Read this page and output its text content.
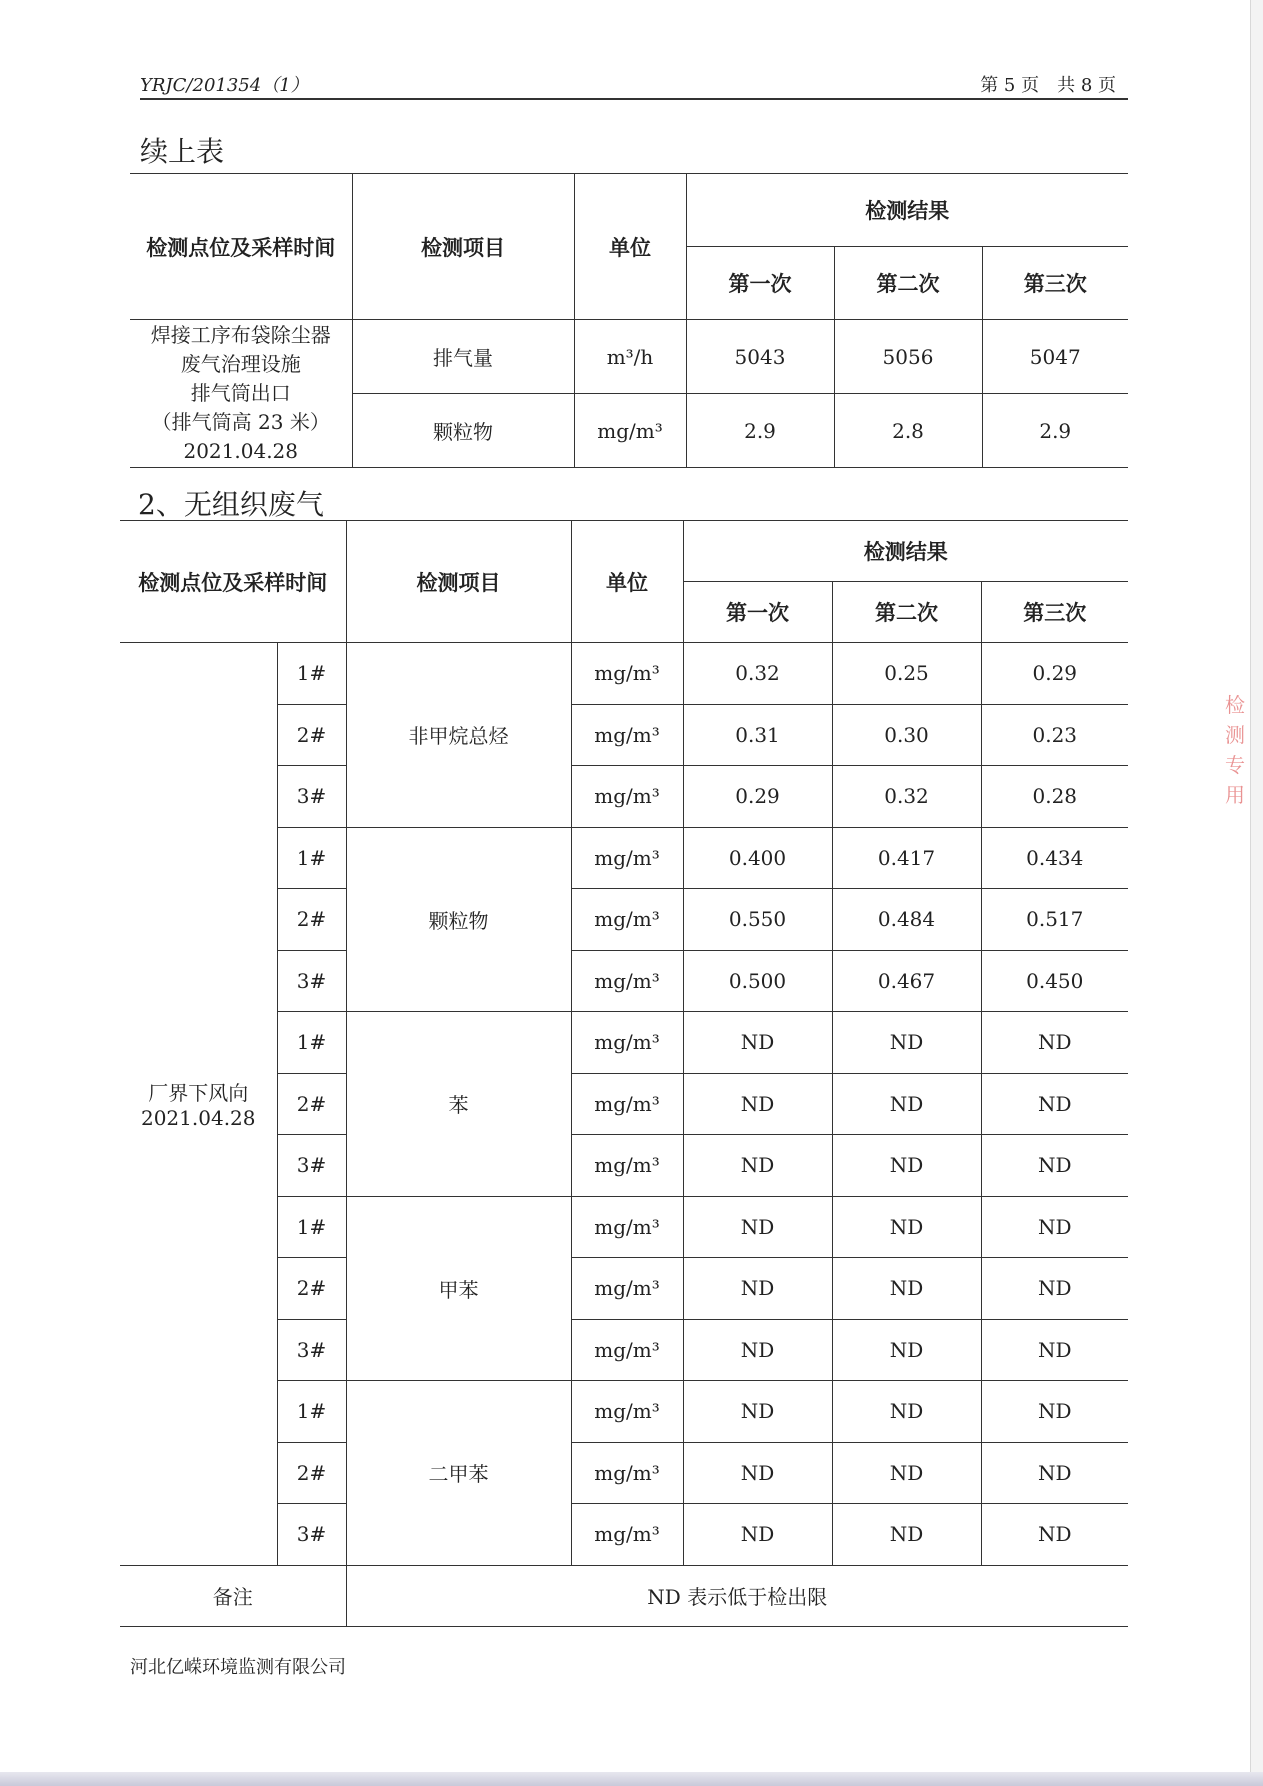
YRJC/201354（1）	第 5 页　共 8 页
续上表
检测点位及采样时间	检测项目	单位	检测结果		
			第一次	第二次	第三次

焊接工序布袋除尘器
废气治理设施
排气筒出口
（排气筒高 23 米）
2021.04.28	排气量	m³/h	5043	5056	5047
	颗粒物	mg/m³	2.9	2.8	2.9
2、无组织废气
检测点位及采样时间		检测项目	单位	检测结果		
				第一次	第二次	第三次

厂界下风向
2021.04.28	1#	非甲烷总烃	mg/m³	0.32	0.25	0.29
	2#		mg/m³	0.31	0.30	0.23
	3#		mg/m³	0.29	0.32	0.28
	1#	颗粒物	mg/m³	0.400	0.417	0.434
	2#		mg/m³	0.550	0.484	0.517
	3#		mg/m³	0.500	0.467	0.450
	1#	苯	mg/m³	ND	ND	ND
	2#		mg/m³	ND	ND	ND
	3#		mg/m³	ND	ND	ND
	1#	甲苯	mg/m³	ND	ND	ND
	2#		mg/m³	ND	ND	ND
	3#		mg/m³	ND	ND	ND
	1#	二甲苯	mg/m³	ND	ND	ND
	2#		mg/m³	ND	ND	ND
	3#		mg/m³	ND	ND	ND
备注		ND 表示低于检出限				
河北亿嵘环境监测有限公司
检
测
专
用
